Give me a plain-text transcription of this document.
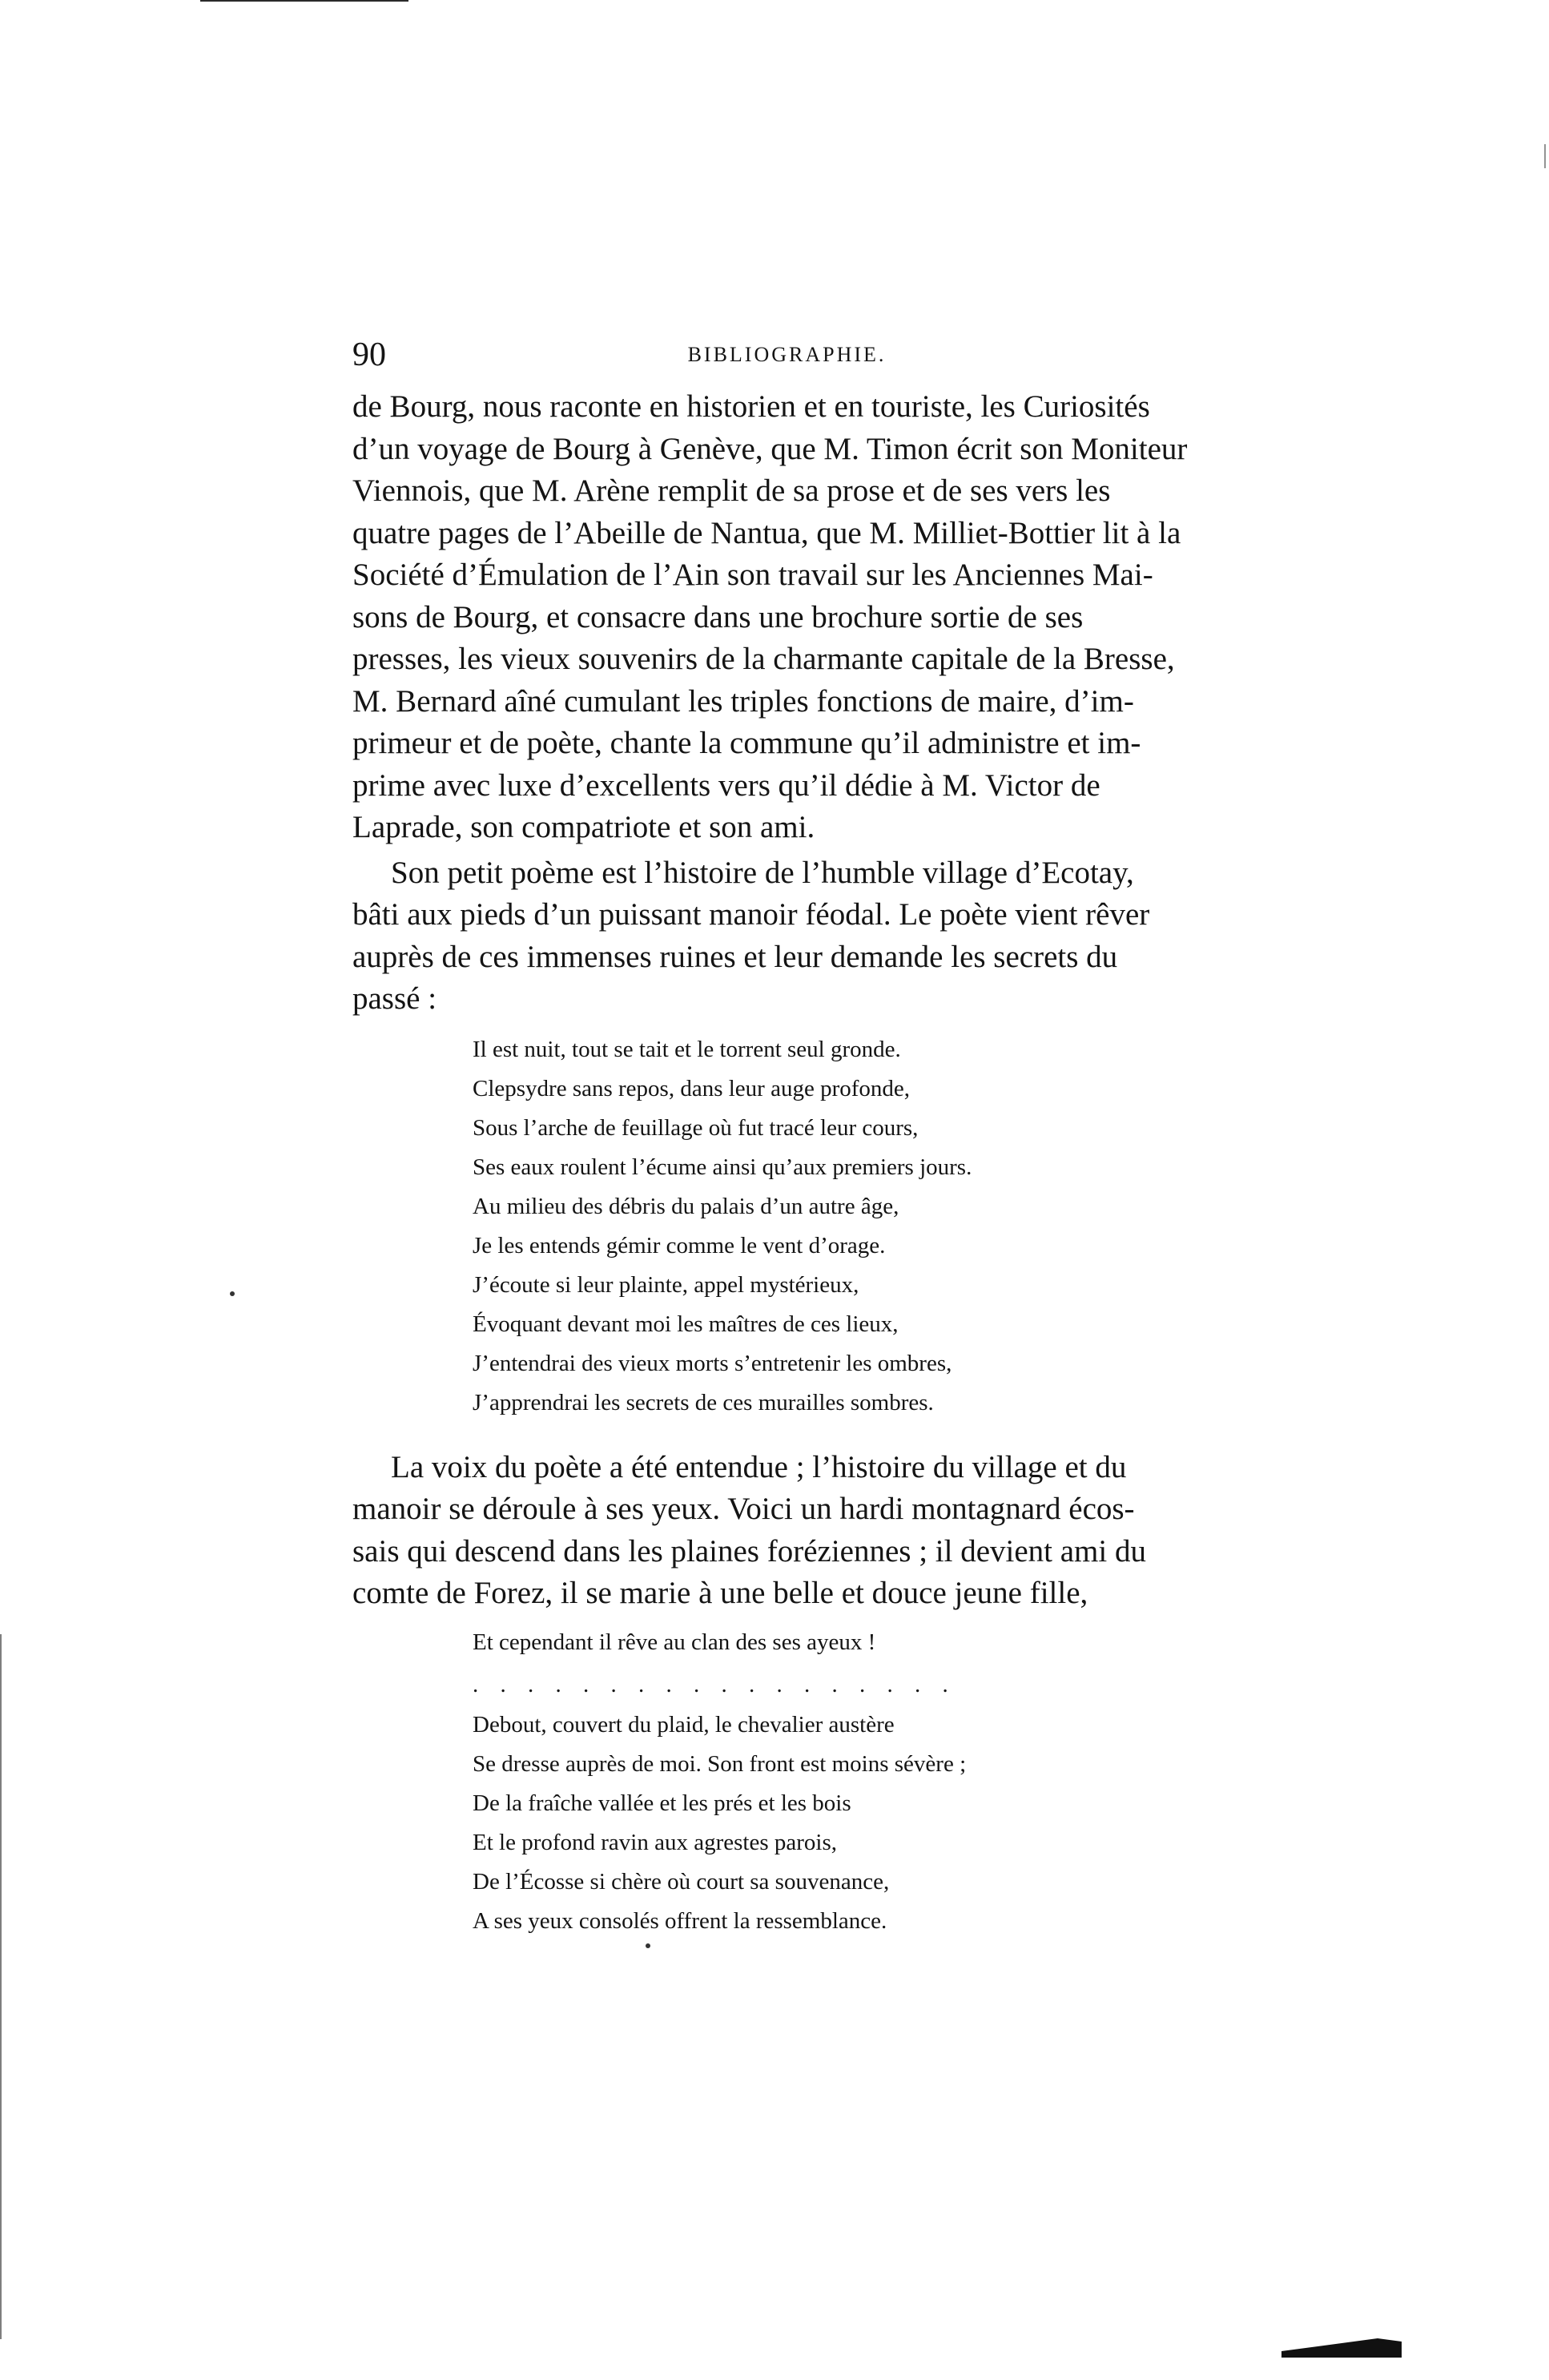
90	BIBLIOGRAPHIE.

de Bourg, nous raconte en historien et en touriste, les Curiosités
d’un voyage de Bourg à Genève, que M. Timon écrit son Moniteur
Viennois, que M. Arène remplit de sa prose et de ses vers les
quatre pages de l’Abeille de Nantua, que M. Milliet-Bottier lit à la
Société d’Émulation de l’Ain son travail sur les Anciennes Mai-
sons de Bourg, et consacre dans une brochure sortie de ses
presses, les vieux souvenirs de la charmante capitale de la Bresse,
M. Bernard aîné cumulant les triples fonctions de maire, d’im-
primeur et de poète, chante la commune qu’il administre et im-
prime avec luxe d’excellents vers qu’il dédie à M. Victor de
Laprade, son compatriote et son ami.

Son petit poème est l’histoire de l’humble village d’Ecotay,
bâti aux pieds d’un puissant manoir féodal. Le poète vient rêver
auprès de ces immenses ruines et leur demande les secrets du
passé :

Il est nuit, tout se tait et le torrent seul gronde.
Clepsydre sans repos, dans leur auge profonde,
Sous l’arche de feuillage où fut tracé leur cours,
Ses eaux roulent l’écume ainsi qu’aux premiers jours.
Au milieu des débris du palais d’un autre âge,
Je les entends gémir comme le vent d’orage.
J’écoute si leur plainte, appel mystérieux,
Évoquant devant moi les maîtres de ces lieux,
J’entendrai des vieux morts s’entretenir les ombres,
J’apprendrai les secrets de ces murailles sombres.

La voix du poète a été entendue ; l’histoire du village et du
manoir se déroule à ses yeux. Voici un hardi montagnard écos-
sais qui descend dans les plaines foréziennes ; il devient ami du
comte de Forez, il se marie à une belle et douce jeune fille,

Et cependant il rêve au clan des ses ayeux !
. . . . . . . . . . . . . . . . . .
Debout, couvert du plaid, le chevalier austère
Se dresse auprès de moi. Son front est moins sévère ;
De la fraîche vallée et les prés et les bois
Et le profond ravin aux agrestes parois,
De l’Écosse si chère où court sa souvenance,
A ses yeux consolés offrent la ressemblance.
